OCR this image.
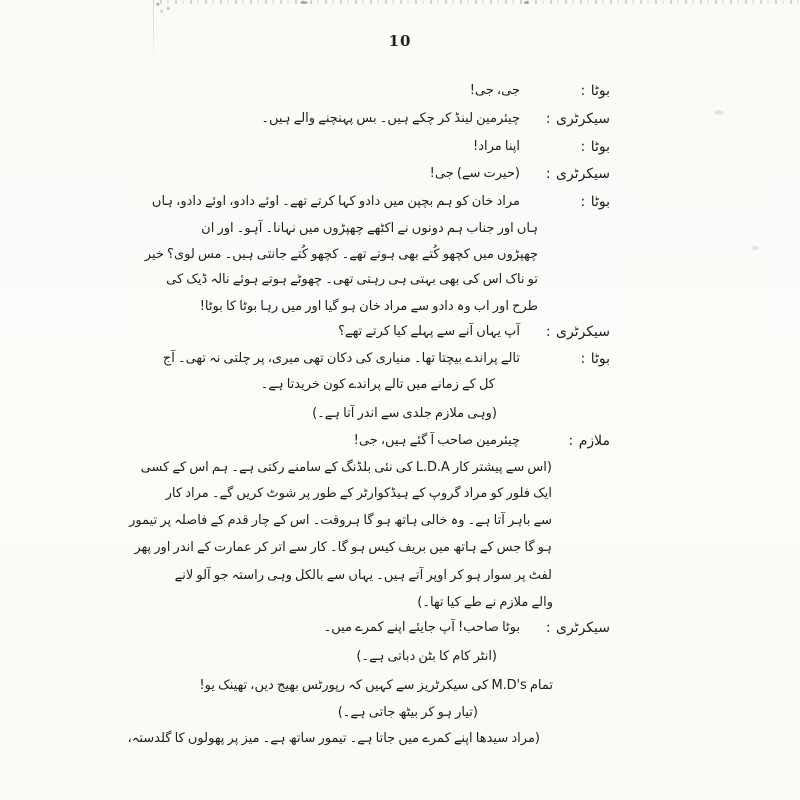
10
بوٹا :
جی، جی!
سیکرٹری :
چیئرمین لینڈ کر چکے ہیں۔ بس پہنچنے والے ہیں۔
بوٹا :
اپنا مراد!
سیکرٹری :
(حیرت سے) جی!
بوٹا :
مراد خان کو ہم بچپن میں دادو کہا کرتے تھے۔ اوئے دادو، اوئے دادو، ہاں
ہاں اور جناب ہم دونوں نے اکٹھے چھپڑوں میں نہانا۔ آہو۔ اور ان
چھپڑوں میں کچھو کُتے بھی ہوتے تھے۔ کچھو کُتے جانتی ہیں۔ مس لوی؟ خیر
تو ناک اس کی بھی بہتی ہی رہتی تھی۔ چھوٹے ہوتے ہوئے نالہ ڈیک کی
طرح اور اب وہ دادو سے مراد خان ہو گیا اور میں رہا بوٹا کا بوٹا!
سیکرٹری :
آپ یہاں آنے سے پہلے کیا کرتے تھے؟
بوٹا :
تالے پراندے بیچتا تھا۔ منیاری کی دکان تھی میری، پر چلتی نہ تھی۔ آج
کل کے زمانے میں تالے پراندے کون خریدتا ہے۔
(وہی ملازم جلدی سے اندر آتا ہے۔)
ملازم :
چیئرمین صاحب آ گئے ہیں، جی!
(اس سے پیشتر کار L.D.A کی نئی بلڈنگ کے سامنے رکتی ہے۔ ہم اس کے کسی
ایک فلور کو مراد گروپ کے ہیڈکوارٹر کے طور پر شوٹ کریں گے۔ مراد کار
سے باہر آتا ہے۔ وہ خالی ہاتھ ہو گا ہروقت۔ اس کے چار قدم کے فاصلہ پر تیمور
ہو گا جس کے ہاتھ میں بریف کیس ہو گا۔ کار سے اتر کر عمارت کے اندر اور پھر
لفٹ پر سوار ہو کر اوپر آتے ہیں۔ یہاں سے بالکل وہی راستہ جو آلو لانے
والے ملازم نے طے کیا تھا۔)
سیکرٹری :
بوٹا صاحب! آپ جایئے اپنے کمرے میں۔
(انٹر کام کا بٹن دباتی ہے۔)
تمام M.D's کی سیکرٹریز سے کہیں کہ رپورٹس بھیج دیں، تھینک یو!
(تیار ہو کر بیٹھ جاتی ہے۔)
(مراد سیدھا اپنے کمرے میں جاتا ہے۔ تیمور ساتھ ہے۔ میز پر پھولوں کا گلدستہ،
